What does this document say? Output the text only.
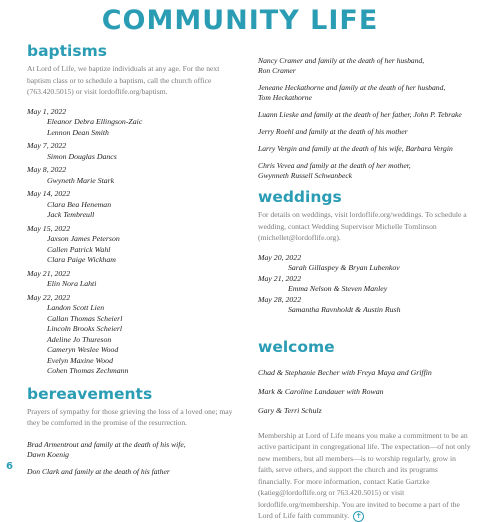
COMMUNITY LIFE
baptisms
At Lord of Life, we baptize individuals at any age. For the next baptism class or to schedule a baptism, call the church office (763.420.5015) or visit lordoflife.org/baptism.
May 1, 2022
Eleanor Debra Ellingson-Zaic
Lennon Dean Smith
May 7, 2022
Simon Douglas Dancs
May 8, 2022
Gwyneth Marie Stark
May 14, 2022
Clara Bea Heneman
Jack Tembreull
May 15, 2022
Jaxson James Peterson
Callen Patrick Wahl
Clara Paige Wickham
May 21, 2022
Elin Nora Lahti
May 22, 2022
Landon Scott Lien
Callan Thomas Scheierl
Lincoln Brooks Scheierl
Adeline Jo Thureson
Cameryn Weslee Wood
Evelyn Maxine Wood
Cohen Thomas Zechmann
bereavements
Prayers of sympathy for those grieving the loss of a loved one; may they be comforted in the promise of the resurrection.
Brad Armentrout and family at the death of his wife,
Dawn Koenig
Don Clark and family at the death of his father
Nancy Cramer and family at the death of her husband,
Ron Cramer
Jeneane Heckathorne and family at the death of her husband,
Tom Heckathorne
Luann Lieske and family at the death of her father, John P. Tebrake
Jerry Roehl and family at the death of his mother
Larry Vergin and family at the death of his wife, Barbara Vergin
Chris Vevea and family at the death of her mother,
Gwynneth Russell Schwanbeck
weddings
For details on weddings, visit lordoflife.org/weddings. To schedule a wedding, contact Wedding Supervisor Michelle Tomlinson (michellet@lordoflife.org).
May 20, 2022
Sarah Gillaspey & Bryan Lubenkov
May 21, 2022
Emma Nelson & Steven Manley
May 28, 2022
Samantha Ravnholdt & Austin Rush
welcome
Chad & Stephanie Becher with Freya Maya and Griffin
Mark & Caroline Landauer with Rowan
Gary & Terri Schulz
Membership at Lord of Life means you make a commitment to be an active participant in congregational life. The expectation—of not only new members, but all members—is to worship regularly, grow in faith, serve others, and support the church and its programs financially. For more information, contact Katie Gartzke (katieg@lordoflife.org or 763.420.5015) or visit lordoflife.org/membership. You are invited to become a part of the Lord of Life faith community. ✝
6
